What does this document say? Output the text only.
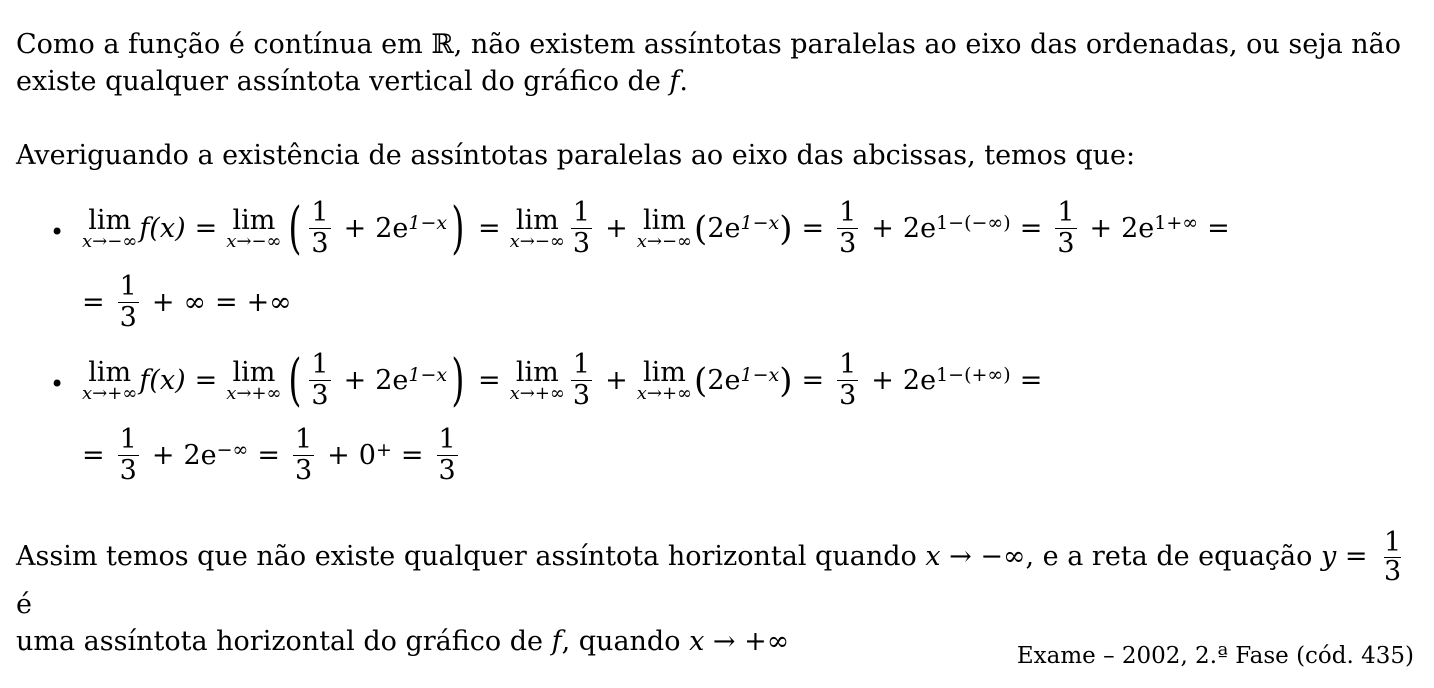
Como a função é contínua em ℝ, não existem assíntotas paralelas ao eixo das ordenadas, ou seja não existe qualquer assíntota vertical do gráfico de f.
Averiguando a existência de assíntotas paralelas ao eixo das abcissas, temos que:
• lim
x→−∞ f(x) = lim
x→−∞ ( $\frac{1}{3} + 2e^{1-x}$ ) = lim
$x\to-\infty \frac{1}{3} + \lim$
x→−∞ ( $2e^{1-x}$ ) = $\frac{1}{3} + 2e^{1-(-\infty)} = \frac{1}{3} + 2e^{1+\infty}$ =
= $\frac{1}{3}$ + ∞ = +∞
• lim
x→+∞ f(x) = lim
x→+∞ ( $\frac{1}{3} + 2e^{1-x}$ ) = lim
$x\to+\infty \frac{1}{3} + \lim$
x→+∞ ( $2e^{1-x}$ ) = $\frac{1}{3} + 2e^{1-(+\infty)}$ =
= $\frac{1}{3} + 2e^{-\infty} = \frac{1}{3} + 0^+ = \frac{1}{3}$
Assim temos que não existe qualquer assíntota horizontal quando x → −∞, e a reta de equação $y = \frac{1}{3}$
é
uma assíntota horizontal do gráfico de f, quando x → +∞	Exame – 2002, 2.ª Fase (cód. 435)
